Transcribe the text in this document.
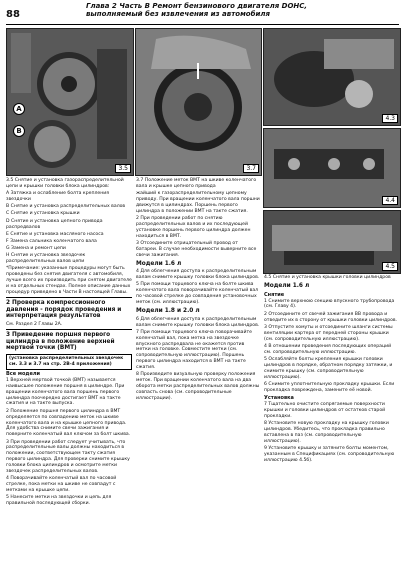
88
Глава 2 Часть B Ремонт бензинового двигателя DOHC,
выполняемый без извлечения из автомобиля
A
B
3.5	3.7
4.3
4.4
4.5

3.5 Снятие и установка газораспределительной цепи и крышки головки блока цилиндров:

A Затяжка и ослабление болта крепления звездочки

B Снятие и установка распределительных валов

C Снятие и установка крышки

D Снятие и установка цепного привода распредвалов

E Снятие и установка масляного насоса

F Замена сальника коленчатого вала

G Замена и ремонт цепи

H Снятие и установка звездочек распределительных валов цепи

*Примечание: указанные процедуры могут быть проведены без снятия двигателя с автомобиля, лучше всего их производить при снятом двигателе и на отдельных стендах. Полное описание данных процедур приведено в Части B настоящей Главы.

2 Проверка компрессионного давления - порядок проведения и интерпретация результатов

См. Раздел 2 Главы 2А.

3 Приведение поршня первого цилиндра в положение верхней мертвой точки (ВМТ)
(установка распределительных звездочек см. 3.3 и 3.7 на стр. 2В-4 приложения)
Все модели

1 Верхней мертвой точкой (ВМТ) называется наивысшее положение поршня в цилиндре. При вращении коленчатого вала поршень первого цилиндра поочередно достигает ВМТ на такте сжатия и на такте выпуска.

2 Положение поршня первого цилиндра в ВМТ определяется по совпадению меток на шкиве коленчатого вала и на крышке цепного привода. Для удобства снимите свечи зажигания и поверните коленчатый вал ключом за болт шкива.

3 При проведении работ следует учитывать, что распределительные валы должны находиться в положении, соответствующем такту сжатия первого цилиндра. Для проверки снимите крышку головки блока цилиндров и осмотрите метки звездочек распределительных валов.

4 Поворачивайте коленчатый вал по часовой стрелке, пока метки на шкиве не совпадут с метками на крышке цепи.

5 Нанесите метки на звездочки и цепь для правильной последующей сборки.

3.7 Положение меток ВМТ на шкиве коленчатого вала и крышке цепного привода

жайший к газораспределительному цепному приводу. При вращении коленчатого вала поршни движутся в цилиндрах. Поршень первого цилиндра в положении ВМТ на такте сжатия.

2 При проведении работ по снятию распределительных валов и их последующей установке поршень первого цилиндра должен находиться в ВМТ.

3 Отсоедините отрицательный провод от батареи. В случае необходимости выверните все свечи зажигания.

Модели 1.6 л

4 Для облегчения доступа к распределительным валам снимите крышку головки блока цилиндров.

5 При помощи торцевого ключа на болте шкива коленчатого вала поворачивайте коленчатый вал по часовой стрелке до совпадения установочных меток (см. иллюстрацию).

Модели 1.8 и 2.0 л

6 Для облегчения доступа к распределительным валам снимите крышку головки блока цилиндров.

7 При помощи торцевого ключа поворачивайте коленчатый вал, пока метка на звездочке впускного распредвала не окажется против метки на головке. Совместите метки (см. сопроводительную иллюстрацию). Поршень первого цилиндра находится в ВМТ на такте сжатия.

8 Произведите визуальную проверку положения меток. При вращении коленчатого вала на два оборота метки распределительных валов должны совпасть снова (см. сопроводительные иллюстрации).

4.5 Снятие и установка крышки головки цилиндров

Модели 1.6 л
Снятие

1 Снимите верхнюю секцию впускного трубопровода (см. Главу 4).

2 Отсоедините от свечей зажигания ВВ провода и отведите их в сторону от крышки головки цилиндров.

3 Отпустите хомуты и отсоедините шланги системы вентиляции картера от передней стороны крышки (см. сопроводительную иллюстрацию).

4 В отношении проведения последующих операций см. сопроводительную иллюстрацию.

5 Ослабляйте болты крепления крышки головки цилиндров в порядке, обратном порядку затяжки, и снимите крышку (см. сопроводительную иллюстрацию).

6 Снимите уплотнительную прокладку крышки. Если прокладка повреждена, замените её новой.

Установка

7 Тщательно очистите сопрягаемые поверхности крышки и головки цилиндров от остатков старой прокладки.

8 Установите новую прокладку на крышку головки цилиндров. Убедитесь, что прокладка правильно вставлена в паз (см. сопроводительную иллюстрацию).

9 Установите крышку и затяните болты моментом, указанным в Спецификациях (см. сопроводительную иллюстрацию 4.5б).
